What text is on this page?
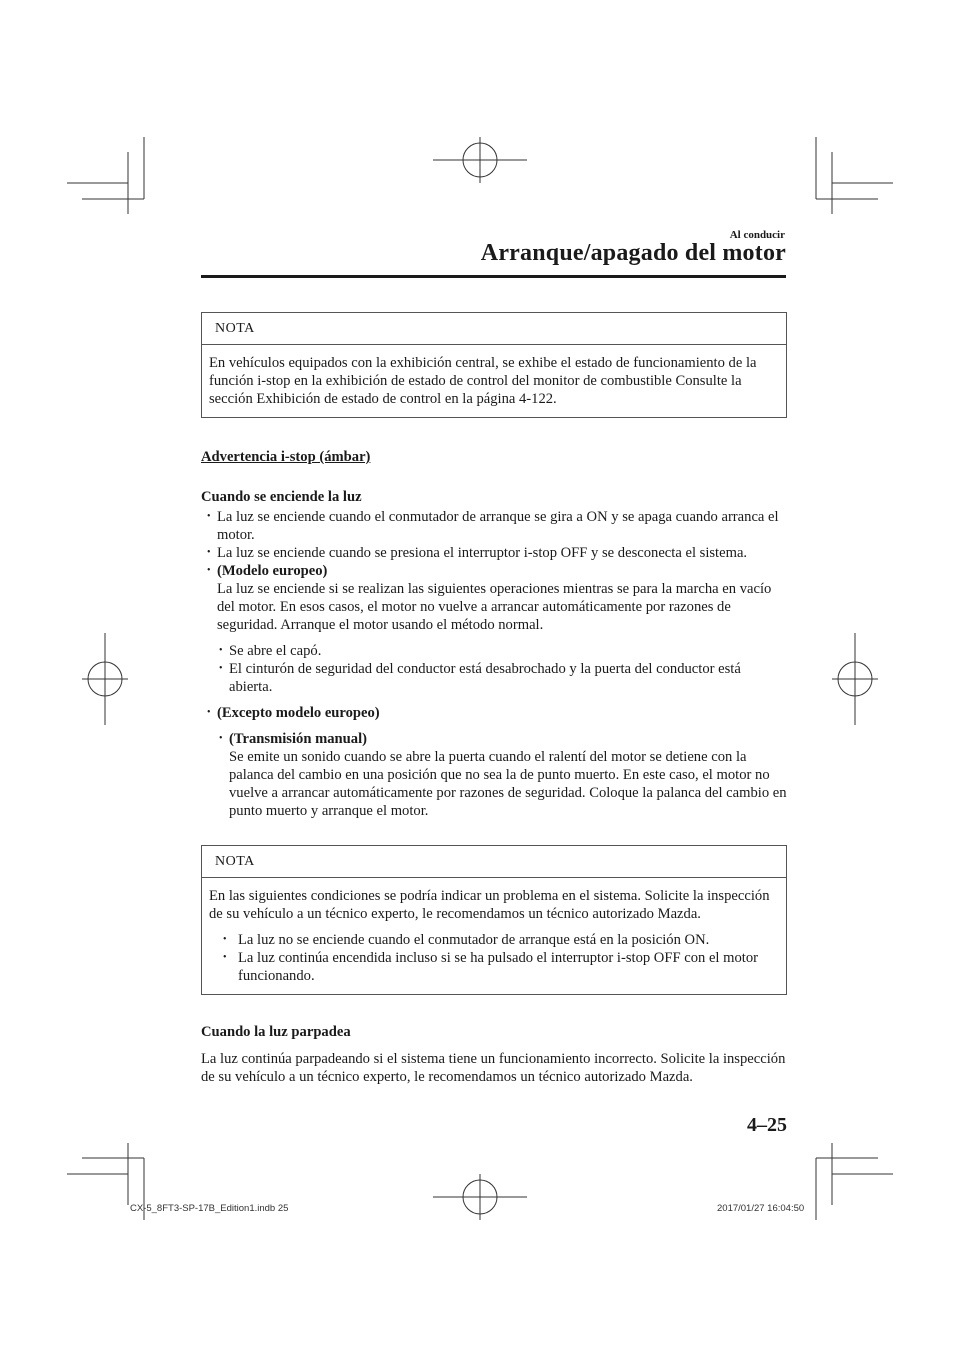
Al conducir
Arranque/apagado del motor
NOTA

En vehículos equipados con la exhibición central, se exhibe el estado de funcionamiento de la función i-stop en la exhibición de estado de control del monitor de combustible Consulte la sección Exhibición de estado de control en la página 4-122.

Advertencia i-stop (ámbar)
Cuando se enciende la luz
• La luz se enciende cuando el conmutador de arranque se gira a ON y se apaga cuando arranca el motor.
• La luz se enciende cuando se presiona el interruptor i-stop OFF y se desconecta el sistema.

• (Modelo europeo)

La luz se enciende si se realizan las siguientes operaciones mientras se para la marcha en vacío del motor. En esos casos, el motor no vuelve a arrancar automáticamente por razones de seguridad. Arranque el motor usando el método normal.

• Se abre el capó.
• El cinturón de seguridad del conductor está desabrochado y la puerta del conductor está abierta.

• (Excepto modelo europeo)

• (Transmisión manual)

Se emite un sonido cuando se abre la puerta cuando el ralentí del motor se detiene con la palanca del cambio en una posición que no sea la de punto muerto. En este caso, el motor no vuelve a arrancar automáticamente por razones de seguridad. Coloque la palanca del cambio en punto muerto y arranque el motor.

NOTA

En las siguientes condiciones se podría indicar un problema en el sistema. Solicite la inspección de su vehículo a un técnico experto, le recomendamos un técnico autorizado Mazda.

• La luz no se enciende cuando el conmutador de arranque está en la posición ON.
• La luz continúa encendida incluso si se ha pulsado el interruptor i-stop OFF con el motor funcionando.
Cuando la luz parpadea

La luz continúa parpadeando si el sistema tiene un funcionamiento incorrecto. Solicite la inspección de su vehículo a un técnico experto, le recomendamos un técnico autorizado Mazda.

4–25
CX-5_8FT3-SP-17B_Edition1.indb 25	2017/01/27 16:04:50
